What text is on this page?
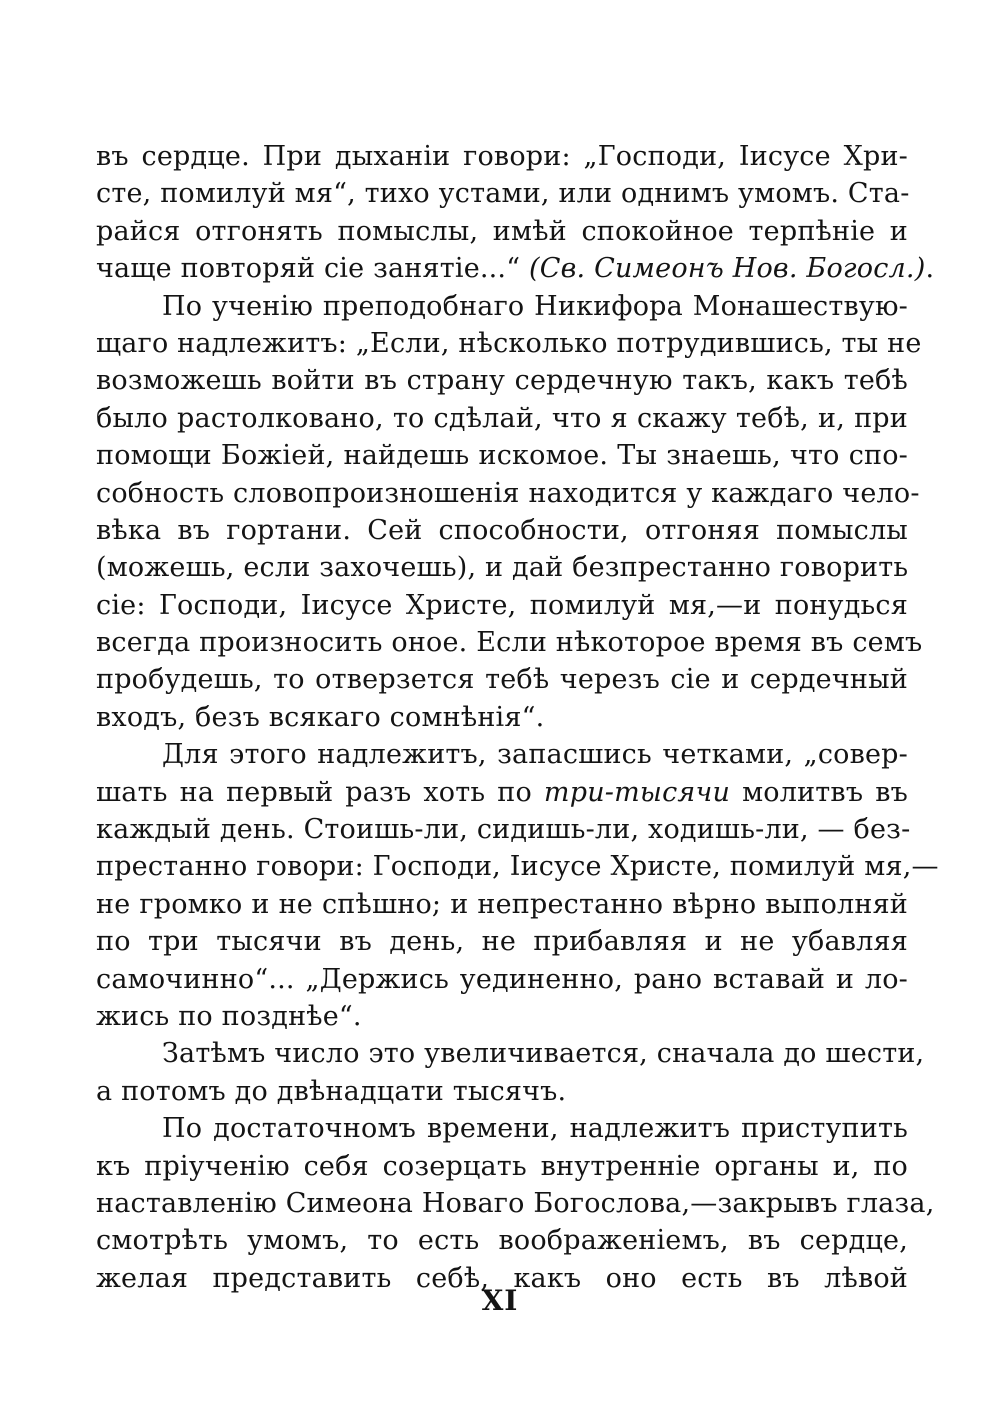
въ сердце. При дыханіи говори: „Господи, Іисусе Хри-
сте, помилуй мя“, тихо устами, или однимъ умомъ. Ста-
райся отгонять помыслы, имѣй спокойное терпѣніе и
чаще повторяй сіе занятіе...“ (Св. Симеонъ Нов. Богосл.).
По ученію преподобнаго Никифора Монашествую-
щаго надлежитъ: „Если, нѣсколько потрудившись, ты не
возможешь войти въ страну сердечную такъ, какъ тебѣ
было растолковано, то сдѣлай, что я скажу тебѣ, и, при
помощи Божіей, найдешь искомое. Ты знаешь, что спо-
собность словопроизношенія находится у каждаго чело-
вѣка въ гортани. Сей способности, отгоняя помыслы
(можешь, если захочешь), и дай безпрестанно говорить
сіе: Господи, Іисусе Христе, помилуй мя,—и понудься
всегда произносить оное. Если нѣкоторое время въ семъ
пробудешь, то отверзется тебѣ черезъ сіе и сердечный
входъ, безъ всякаго сомнѣнія“.
Для этого надлежитъ, запасшись четками, „совер-
шать на первый разъ хоть по три-тысячи молитвъ въ
каждый день. Стоишь-ли, сидишь-ли, ходишь-ли, — без-
престанно говори: Господи, Іисусе Христе, помилуй мя,—
не громко и не спѣшно; и непрестанно вѣрно выполняй
по три тысячи въ день, не прибавляя и не убавляя
самочинно“... „Держись уединенно, рано вставай и ло-
жись по позднѣе“.
Затѣмъ число это увеличивается, сначала до шести,
а потомъ до двѣнадцати тысячъ.
По достаточномъ времени, надлежитъ приступить
къ пріученію себя созерцать внутренніе органы и, по
наставленію Симеона Новаго Богослова,—закрывъ глаза,
смотрѣть умомъ, то есть воображеніемъ, въ сердце,
желая представить себѣ, какъ оно есть въ лѣвой
XI
